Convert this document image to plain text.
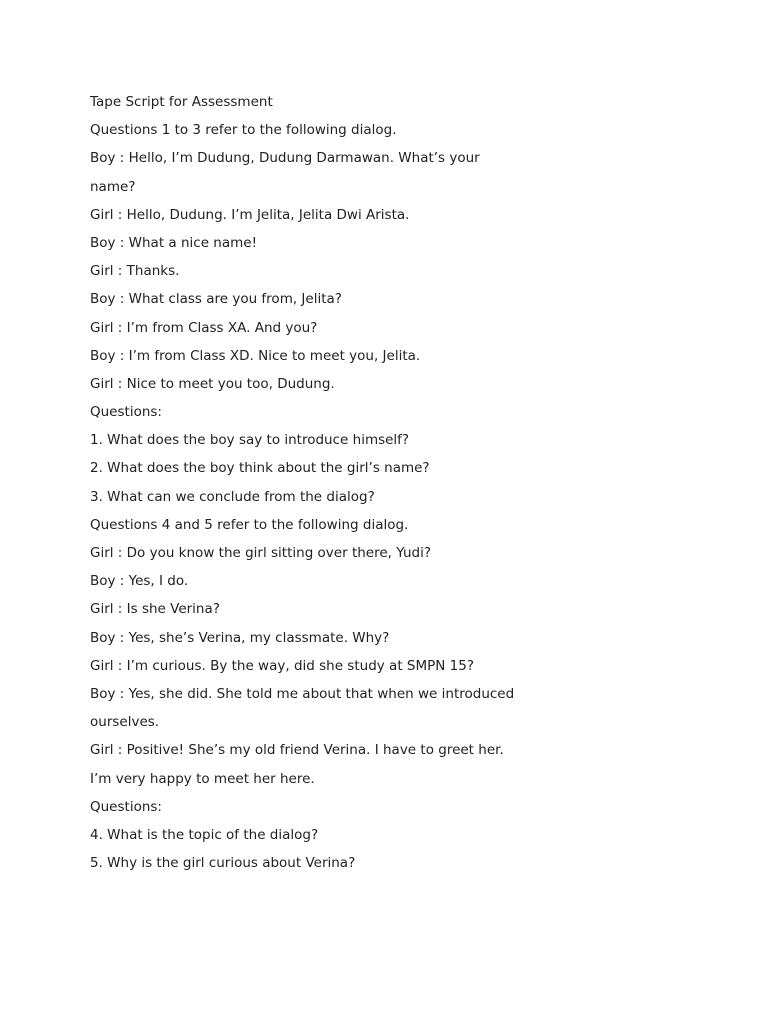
Tape Script for Assessment
Questions 1 to 3 refer to the following dialog.
Boy : Hello, I’m Dudung, Dudung Darmawan. What’s your
name?
Girl : Hello, Dudung. I’m Jelita, Jelita Dwi Arista.
Boy : What a nice name!
Girl : Thanks.
Boy : What class are you from, Jelita?
Girl : I’m from Class XA. And you?
Boy : I’m from Class XD. Nice to meet you, Jelita.
Girl : Nice to meet you too, Dudung.
Questions:
1. What does the boy say to introduce himself?
2. What does the boy think about the girl’s name?
3. What can we conclude from the dialog?
Questions 4 and 5 refer to the following dialog.
Girl : Do you know the girl sitting over there, Yudi?
Boy : Yes, I do.
Girl : Is she Verina?
Boy : Yes, she’s Verina, my classmate. Why?
Girl : I’m curious. By the way, did she study at SMPN 15?
Boy : Yes, she did. She told me about that when we introduced
ourselves.
Girl : Positive! She’s my old friend Verina. I have to greet her.
I’m very happy to meet her here.
Questions:
4. What is the topic of the dialog?
5. Why is the girl curious about Verina?
